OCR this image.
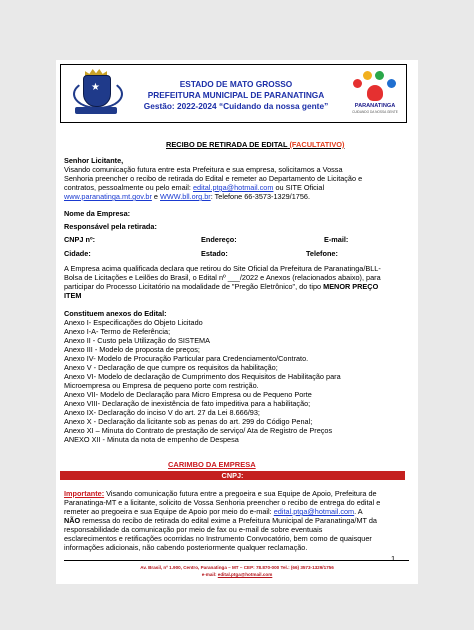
★	ESTADO DE MATO GROSSO
PREFEITURA MUNICIPAL DE PARANATINGA
Gestão: 2022-2024 “Cuidando da nossa gente”	PARANATINGA
CUIDANDO DA NOSSA GENTE
RECIBO DE RETIRADA DE EDITAL (FACULTATIVO)
Senhor Licitante,
Visando comunicação futura entre esta Prefeitura e sua empresa, solicitamos a Vossa
Senhoria preencher o recibo de retirada do Edital e remeter ao Departamento de Licitação e
contratos, pessoalmente ou pelo email: edital.ptga@hotmail.com ou SITE Oficial
www.paranatinga.mt.gov.br e WWW.bll.org.br: Telefone 66-3573-1329/1756.
Nome da Empresa:
Responsável pela retirada:
CNPJ nº:	Endereço:	E-mail:
Cidade:	Estado:	Telefone:
A Empresa acima qualificada declara que retirou do Site Oficial da Prefeitura de Paranatinga/BLL-
Bolsa de Licitações e Leilões do Brasil, o Edital nº ___/2022 e Anexos (relacionados abaixo), para
participar do Processo Licitatório na modalidade de "Pregão Eletrônico", do tipo MENOR PREÇO
ITEM
Constituem anexos do Edital:
Anexo I- Especificações do Objeto Licitado
Anexo I-A- Termo de Referência;
Anexo II - Custo pela Utilização do SISTEMA
Anexo III - Modelo de proposta de preços;
Anexo IV- Modelo de Procuração Particular para Credenciamento/Contrato.
Anexo V - Declaração de que cumpre os requisitos da habilitação;
Anexo VI- Modelo de declaração de Cumprimento dos Requisitos de Habilitação para
Microempresa ou Empresa de pequeno porte com restrição.
Anexo VII- Modelo de Declaração para Micro Empresa ou de Pequeno Porte
Anexo VIII- Declaração de inexistência de fato impeditiva para a habilitação;
Anexo IX- Declaração do inciso V do art. 27 da Lei 8.666/93;
Anexo X - Declaração da licitante sob as penas do art. 299 do Código Penal;
Anexo XI – Minuta do Contrato de prestação de serviço/ Ata de Registro de Preços
ANEXO XII - Minuta da nota de empenho de Despesa
CARIMBO DA EMPRESA
CNPJ:
Importante: Visando comunicação futura entre a pregoeira e sua Equipe de Apoio, Prefeitura de
Paranatinga-MT e a licitante, solicito de Vossa Senhoria preencher o recibo de entrega do edital e
remeter ao pregoeira e sua Equipe de Apoio por meio do e-mail: edital.ptga@hotmail.com. A
NÃO remessa do recibo de retirada do edital exime a Prefeitura Municipal de Paranatinga/MT da
responsabilidade da comunicação por meio de fax ou e-mail de sobre eventuais
esclarecimentos e retificações ocorridas no Instrumento Convocatório, bem como de quaisquer
informações adicionais, não cabendo posteriormente qualquer reclamação.
1
Av. Brasil, nº 1.900, Centro, Paranatinga – MT – CEP: 78.870-000 Tel.: (66) 3573-1329/1756
e-mail: edital.ptga@hotmail.com
